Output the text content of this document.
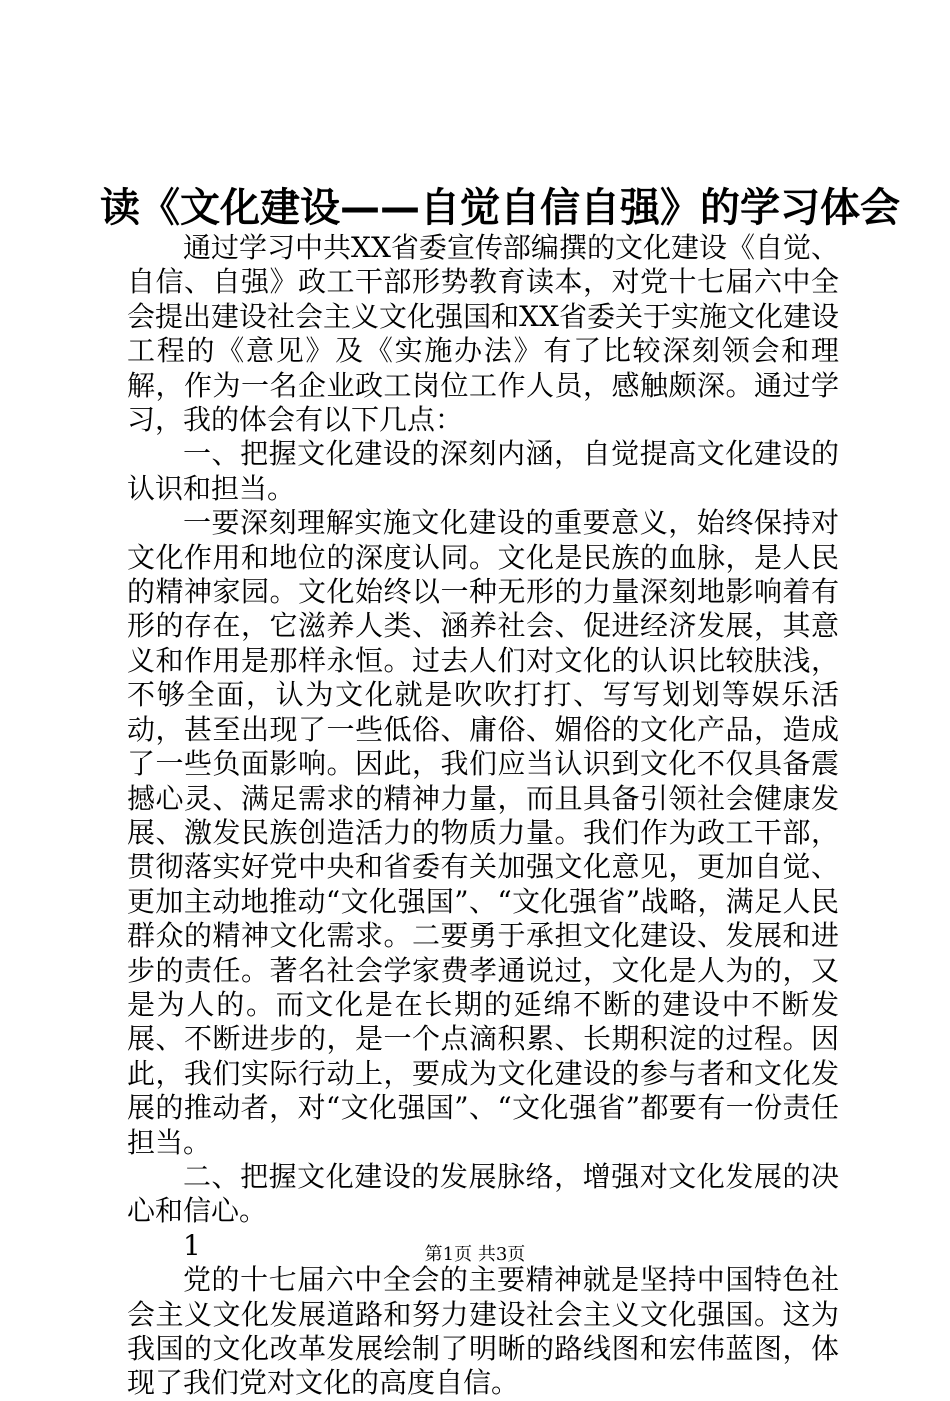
读《文化建设——自觉自信自强》的学习体会

通过学习中共XX省委宣传部编撰的文化建设《自觉、自信、自强》政工干部形势教育读本，对党十七届六中全会提出建设社会主义文化强国和XX省委关于实施文化建设工程的《意见》及《实施办法》有了比较深刻领会和理解，作为一名企业政工岗位工作人员，感触颇深。通过学习，我的体会有以下几点：

一、把握文化建设的深刻内涵，自觉提高文化建设的认识和担当。

一要深刻理解实施文化建设的重要意义，始终保持对文化作用和地位的深度认同。文化是民族的血脉，是人民的精神家园。文化始终以一种无形的力量深刻地影响着有形的存在，它滋养人类、涵养社会、促进经济发展，其意义和作用是那样永恒。过去人们对文化的认识比较肤浅，不够全面，认为文化就是吹吹打打、写写划划等娱乐活动，甚至出现了一些低俗、庸俗、媚俗的文化产品，造成了一些负面影响。因此，我们应当认识到文化不仅具备震撼心灵、满足需求的精神力量，而且具备引领社会健康发展、激发民族创造活力的物质力量。我们作为政工干部，贯彻落实好党中央和省委有关加强文化意见，更加自觉、更加主动地推动“文化强国”、“文化强省”战略，满足人民群众的精神文化需求。二要勇于承担文化建设、发展和进步的责任。著名社会学家费孝通说过，文化是人为的，又是为人的。而文化是在长期的延绵不断的建设中不断发展、不断进步的，是一个点滴积累、长期积淀的过程。因此，我们实际行动上，要成为文化建设的参与者和文化发展的推动者，对“文化强国”、“文化强省”都要有一份责任担当。

二、把握文化建设的发展脉络，增强对文化发展的决心和信心。

1

党的十七届六中全会的主要精神就是坚持中国特色社会主义文化发展道路和努力建设社会主义文化强国。这为我国的文化改革发展绘制了明晰的路线图和宏伟蓝图，体现了我们党对文化的高度自信。

第1页 共3页
